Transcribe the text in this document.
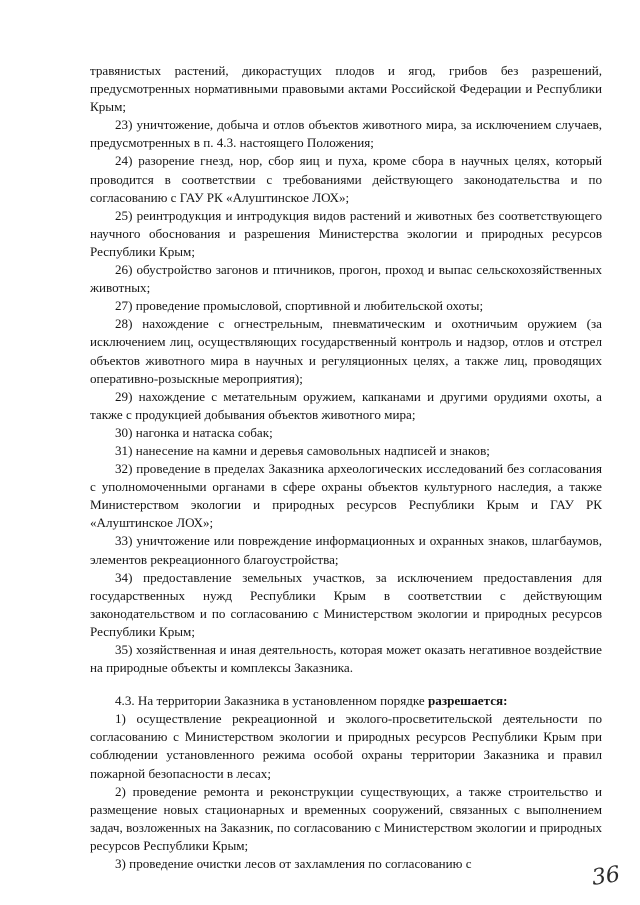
травянистых растений, дикорастущих плодов и ягод, грибов без разрешений, предусмотренных нормативными правовыми актами Российской Федерации и Республики Крым;

23) уничтожение, добыча и отлов объектов животного мира, за исключением случаев, предусмотренных в п. 4.3. настоящего Положения;

24) разорение гнезд, нор, сбор яиц и пуха, кроме сбора в научных целях, который проводится в соответствии с требованиями действующего законодательства и по согласованию с ГАУ РК «Алуштинское ЛОХ»;

25) реинтродукция и интродукция видов растений и животных без соответствующего научного обоснования и разрешения Министерства экологии и природных ресурсов Республики Крым;

26) обустройство загонов и птичников, прогон, проход и выпас сельскохозяйственных животных;

27) проведение промысловой, спортивной и любительской охоты;

28) нахождение с огнестрельным, пневматическим и охотничьим оружием (за исключением лиц, осуществляющих государственный контроль и надзор, отлов и отстрел объектов животного мира в научных и регуляционных целях, а также лиц, проводящих оперативно-розыскные мероприятия);

29) нахождение с метательным оружием, капканами и другими орудиями охоты, а также с продукцией добывания объектов животного мира;

30) нагонка и натаска собак;

31) нанесение на камни и деревья самовольных надписей и знаков;

32) проведение в пределах Заказника археологических исследований без согласования с уполномоченными органами в сфере охраны объектов культурного наследия, а также Министерством экологии и природных ресурсов Республики Крым и ГАУ РК «Алуштинское ЛОХ»;

33) уничтожение или повреждение информационных и охранных знаков, шлагбаумов, элементов рекреационного благоустройства;

34) предоставление земельных участков, за исключением предоставления для государственных нужд Республики Крым в соответствии с действующим законодательством и по согласованию с Министерством экологии и природных ресурсов Республики Крым;

35) хозяйственная и иная деятельность, которая может оказать негативное воздействие на природные объекты и комплексы Заказника.

4.3. На территории Заказника в установленном порядке разрешается:

1) осуществление рекреационной и эколого-просветительской деятельности по согласованию с Министерством экологии и природных ресурсов Республики Крым при соблюдении установленного режима особой охраны территории Заказника и правил пожарной безопасности в лесах;

2) проведение ремонта и реконструкции существующих, а также строительство и размещение новых стационарных и временных сооружений, связанных с выполнением задач, возложенных на Заказник, по согласованию с Министерством экологии и природных ресурсов Республики Крым;

3) проведение очистки лесов от захламления по согласованию с	36
